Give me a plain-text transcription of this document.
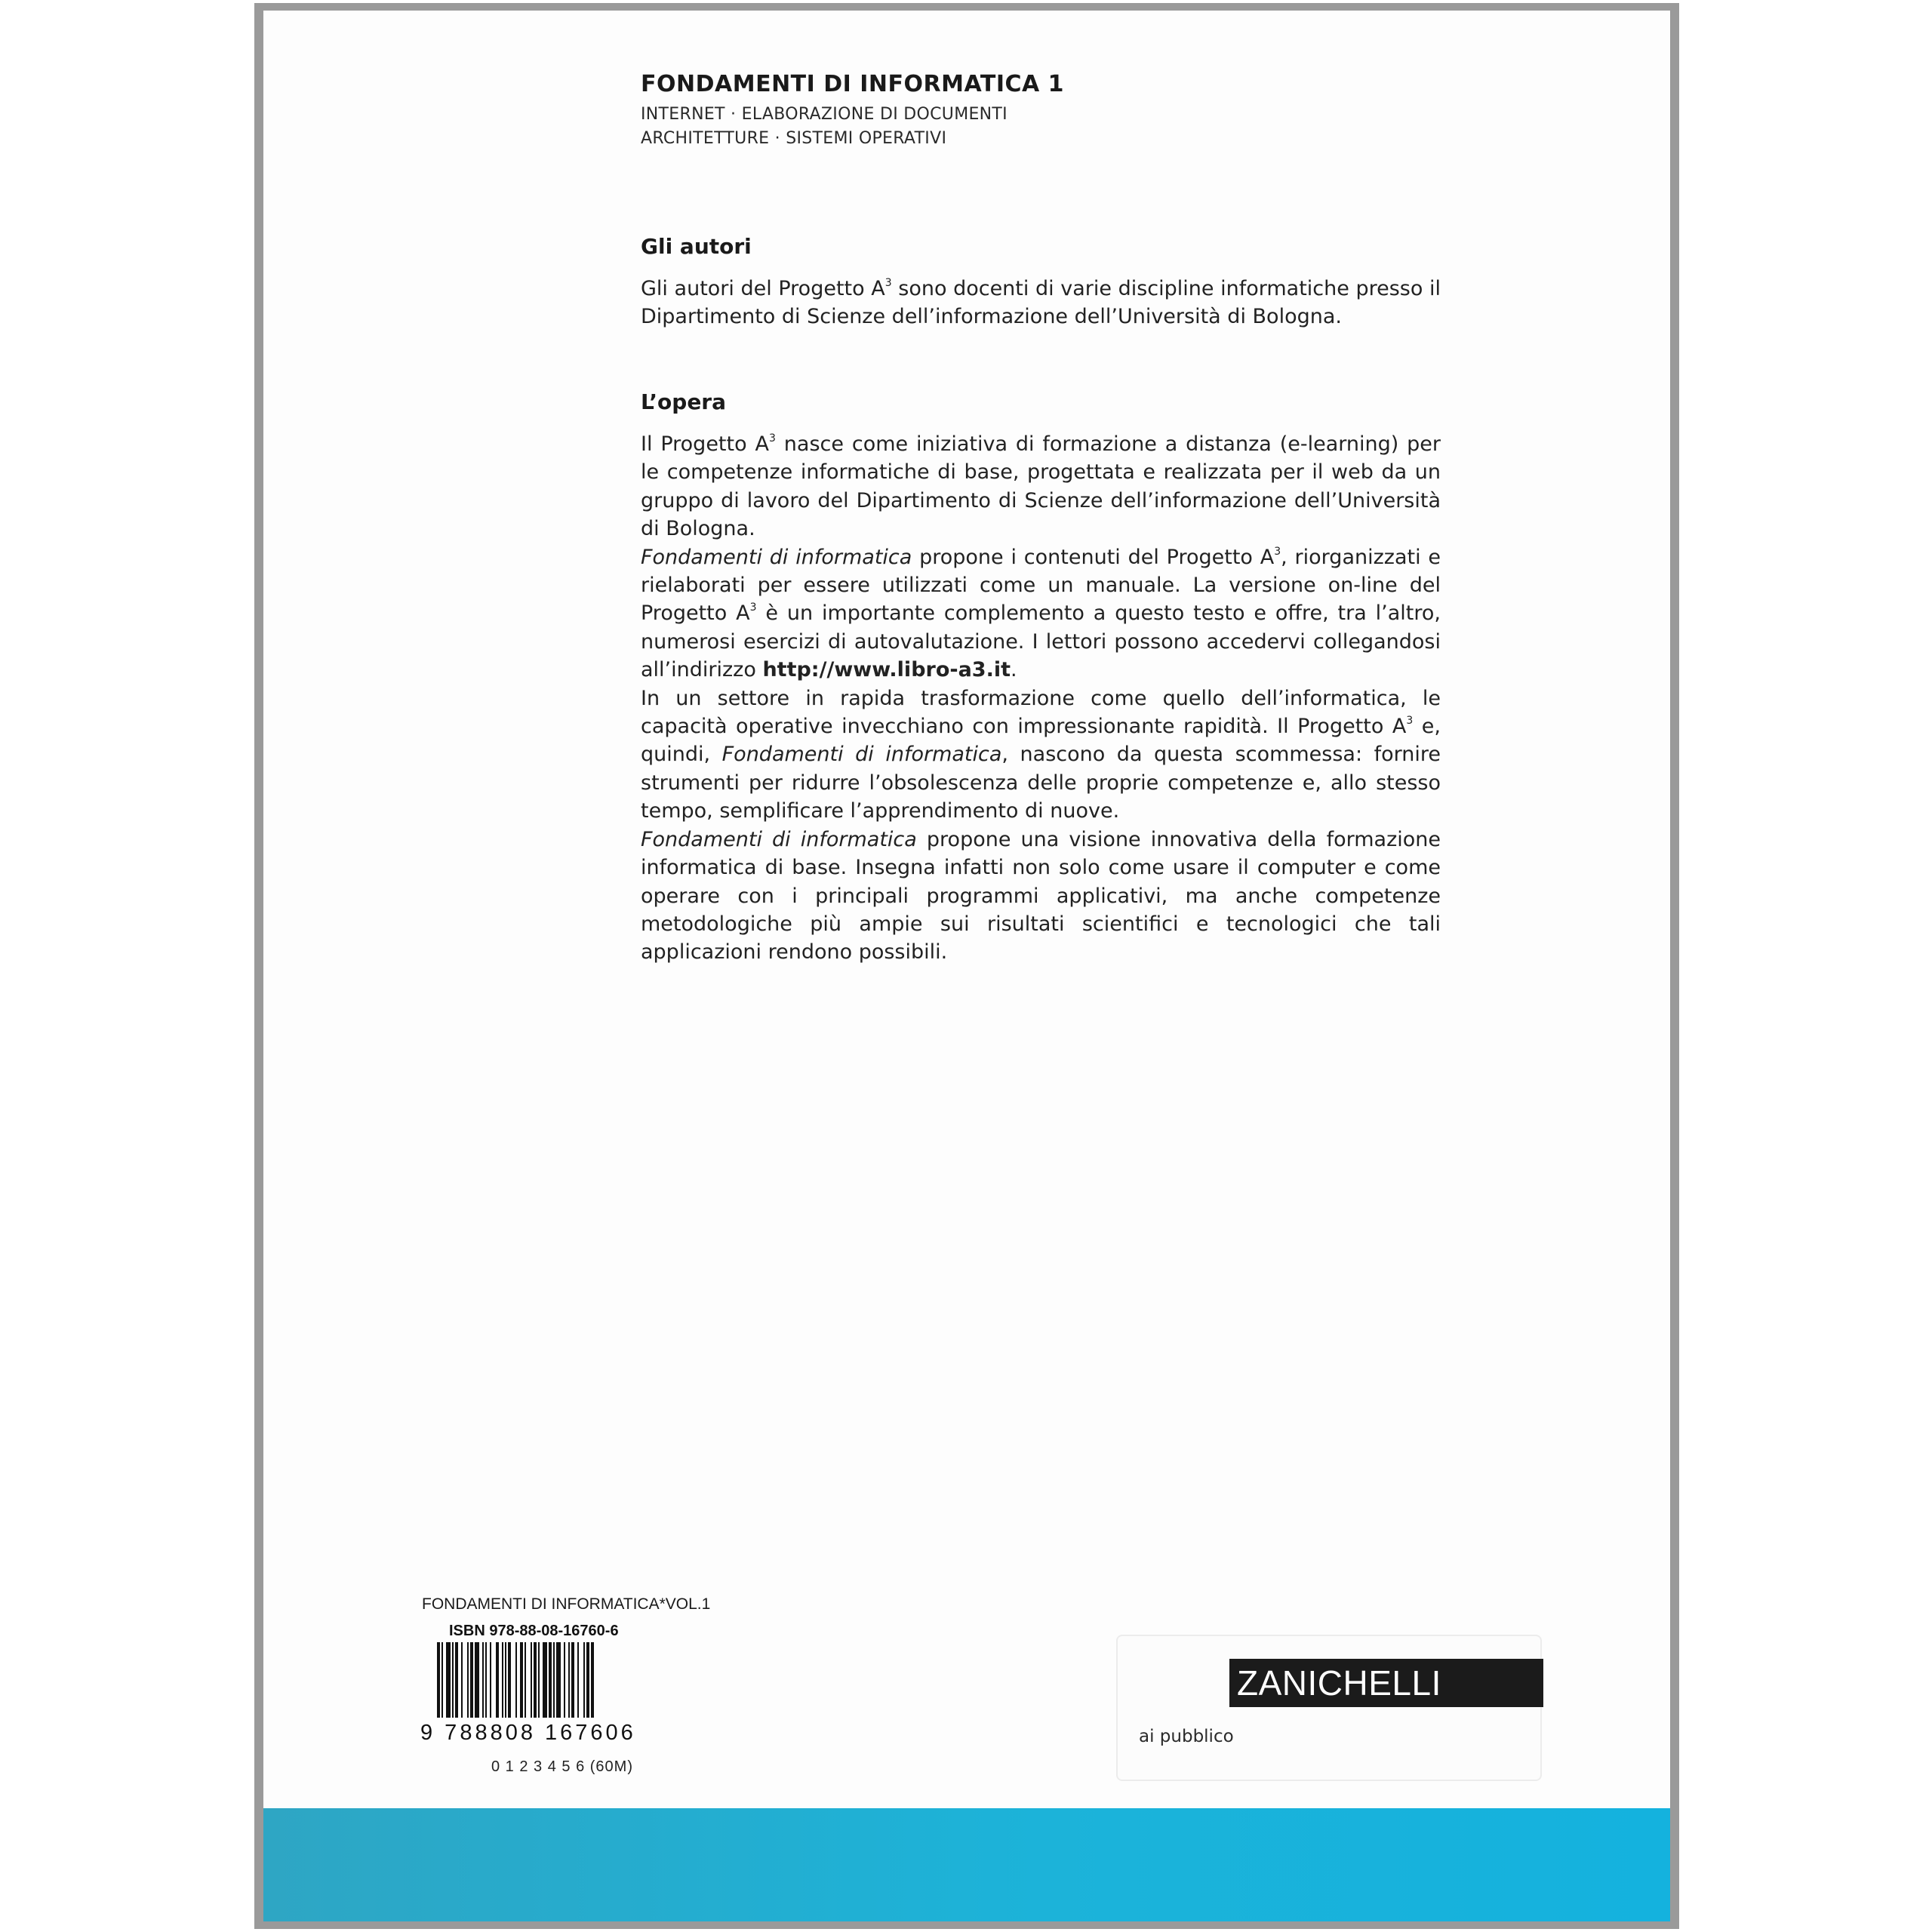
FONDAMENTI DI INFORMATICA 1
INTERNET · ELABORAZIONE DI DOCUMENTI
ARCHITETTURE · SISTEMI OPERATIVI
Gli autori

Gli autori del Progetto $A^3$ sono docenti di varie discipline informatiche presso il Dipartimento di Scienze dell’informazione dell’Università di Bologna.

L’opera

Il Progetto $A^3$ nasce come iniziativa di formazione a distanza (e-learning) per le competenze informatiche di base, progettata e realizzata per il web da un gruppo di lavoro del Dipartimento di Scienze dell’informazione dell’Università di Bologna.

Fondamenti di informatica propone i contenuti del Progetto $A^3$, riorganizzati e rielaborati per essere utilizzati come un manuale. La versione on-line del Progetto $A^3$ è un importante complemento a questo testo e offre, tra l’altro, numerosi esercizi di autovalutazione. I lettori possono accedervi collegandosi all’indirizzo http://www.libro-a3.it.

In un settore in rapida trasformazione come quello dell’informatica, le capacità operative invecchiano con impressionante rapidità. Il Progetto $A^3$ e, quindi, Fondamenti di informatica, nascono da questa scommessa: fornire strumenti per ridurre l’obsolescenza delle proprie competenze e, allo stesso tempo, semplificare l’apprendimento di nuove.

Fondamenti di informatica propone una visione innovativa della formazione informatica di base. Insegna infatti non solo come usare il computer e come operare con i principali programmi applicativi, ma anche competenze metodologiche più ampie sui risultati scientifici e tecnologici che tali applicazioni rendono possibili.

FONDAMENTI DI INFORMATICA*VOL.1
ISBN 978-88-08-16760-6
9 788808 167606
0 1 2 3 4 5 6 (60M)
ZANICHELLI
ai pubblico
